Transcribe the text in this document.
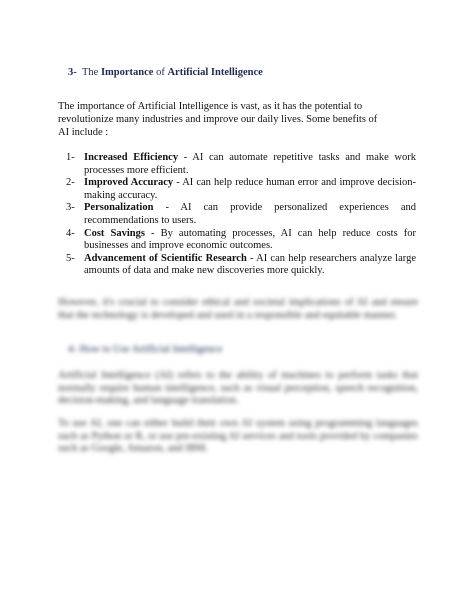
3- The Importance of Artificial Intelligence

The importance of Artificial Intelligence is vast, as it has the potential to revolutionize many industries and improve our daily lives. Some benefits of AI include :

1- Increased Efficiency - AI can automate repetitive tasks and make work processes more efficient.
2- Improved Accuracy - AI can help reduce human error and improve decision-making accuracy.
3- Personalization - AI can provide personalized experiences and recommendations to users.
4- Cost Savings - By automating processes, AI can help reduce costs for businesses and improve economic outcomes.
5- Advancement of Scientific Research - AI can help researchers analyze large amounts of data and make new discoveries more quickly.

However, it's crucial to consider ethical and societal implications of AI and ensure that the technology is developed and used in a responsible and equitable manner.

4- How to Use Artificial Intelligence

Artificial Intelligence (AI) refers to the ability of machines to perform tasks that normally require human intelligence, such as visual perception, speech recognition, decision-making, and language translation.

To use AI, one can either build their own AI system using programming languages such as Python or R, or use pre-existing AI services and tools provided by companies such as Google, Amazon, and IBM.
